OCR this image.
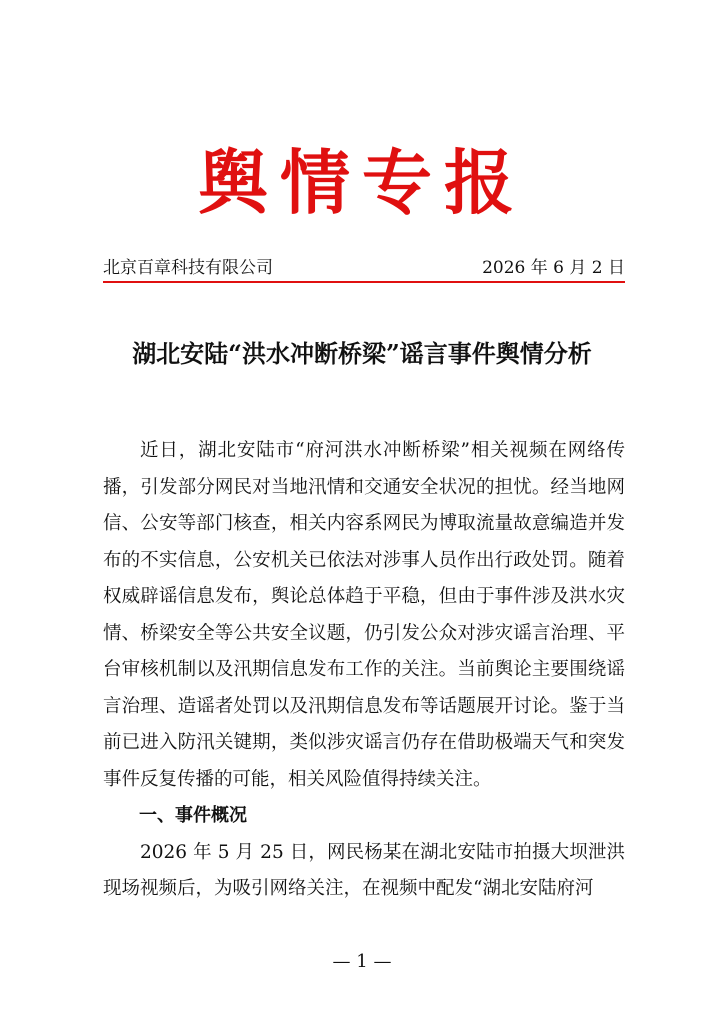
舆情专报
北京百章科技有限公司	2026 年 6 月 2 日
湖北安陆“洪水冲断桥梁”谣言事件舆情分析

近日，湖北安陆市“府河洪水冲断桥梁”相关视频在网络传播，引发部分网民对当地汛情和交通安全状况的担忧。经当地网信、公安等部门核查，相关内容系网民为博取流量故意编造并发布的不实信息，公安机关已依法对涉事人员作出行政处罚。随着权威辟谣信息发布，舆论总体趋于平稳，但由于事件涉及洪水灾情、桥梁安全等公共安全议题，仍引发公众对涉灾谣言治理、平台审核机制以及汛期信息发布工作的关注。当前舆论主要围绕谣言治理、造谣者处罚以及汛期信息发布等话题展开讨论。鉴于当前已进入防汛关键期，类似涉灾谣言仍存在借助极端天气和突发事件反复传播的可能，相关风险值得持续关注。

一、事件概况

2026 年 5 月 25 日，网民杨某在湖北安陆市拍摄大坝泄洪现场视频后，为吸引网络关注，在视频中配发“湖北安陆府河

— 1 —
